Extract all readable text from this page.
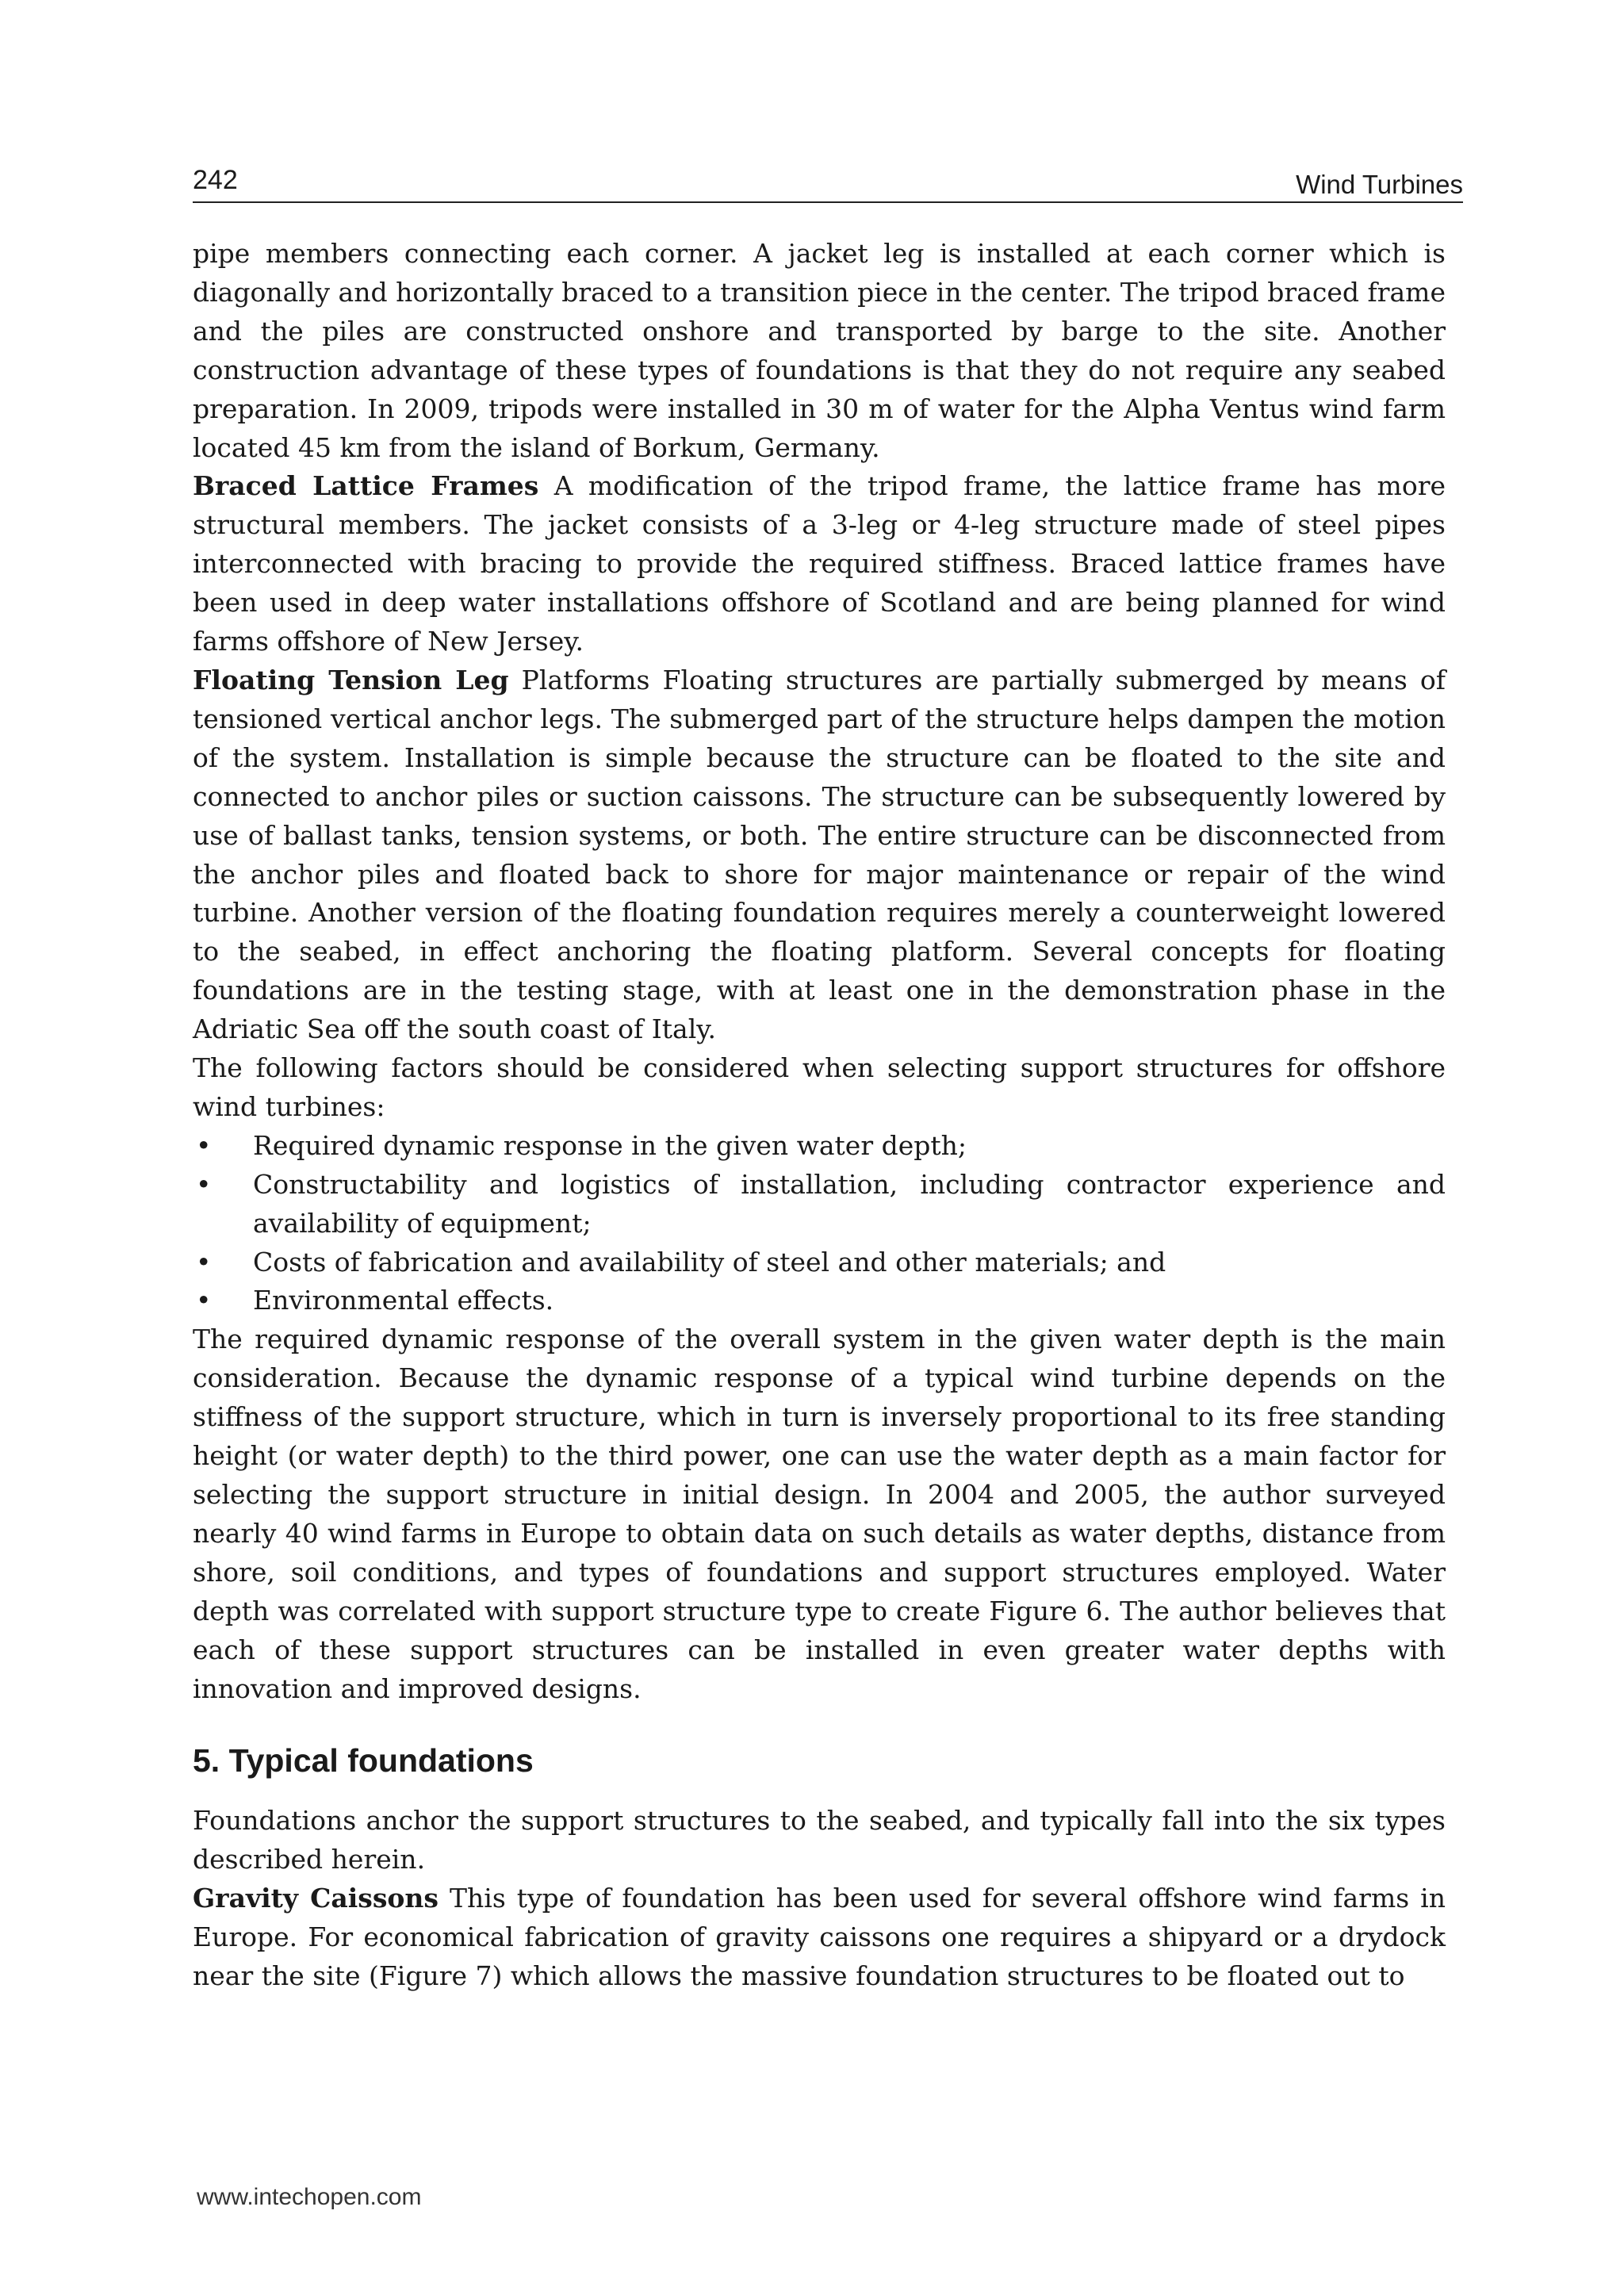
242	Wind Turbines

pipe members connecting each corner. A jacket leg is installed at each corner which is diagonally and horizontally braced to a transition piece in the center. The tripod braced frame and the piles are constructed onshore and transported by barge to the site. Another construction advantage of these types of foundations is that they do not require any seabed preparation. In 2009, tripods were installed in 30 m of water for the Alpha Ventus wind farm located 45 km from the island of Borkum, Germany.

Braced Lattice Frames A modification of the tripod frame, the lattice frame has more structural members. The jacket consists of a 3-leg or 4-leg structure made of steel pipes interconnected with bracing to provide the required stiffness. Braced lattice frames have been used in deep water installations offshore of Scotland and are being planned for wind farms offshore of New Jersey.

Floating Tension Leg Platforms Floating structures are partially submerged by means of tensioned vertical anchor legs. The submerged part of the structure helps dampen the motion of the system. Installation is simple because the structure can be floated to the site and connected to anchor piles or suction caissons. The structure can be subsequently lowered by use of ballast tanks, tension systems, or both. The entire structure can be disconnected from the anchor piles and floated back to shore for major maintenance or repair of the wind turbine. Another version of the floating foundation requires merely a counterweight lowered to the seabed, in effect anchoring the floating platform. Several concepts for floating foundations are in the testing stage, with at least one in the demonstration phase in the Adriatic Sea off the south coast of Italy.

The following factors should be considered when selecting support structures for offshore wind turbines:

• Required dynamic response in the given water depth;
• Constructability and logistics of installation, including contractor experience and availability of equipment;
• Costs of fabrication and availability of steel and other materials; and
• Environmental effects.

The required dynamic response of the overall system in the given water depth is the main consideration. Because the dynamic response of a typical wind turbine depends on the stiffness of the support structure, which in turn is inversely proportional to its free standing height (or water depth) to the third power, one can use the water depth as a main factor for selecting the support structure in initial design. In 2004 and 2005, the author surveyed nearly 40 wind farms in Europe to obtain data on such details as water depths, distance from shore, soil conditions, and types of foundations and support structures employed. Water depth was correlated with support structure type to create Figure 6. The author believes that each of these support structures can be installed in even greater water depths with innovation and improved designs.

5. Typical foundations

Foundations anchor the support structures to the seabed, and typically fall into the six types described herein.

Gravity Caissons This type of foundation has been used for several offshore wind farms in Europe. For economical fabrication of gravity caissons one requires a shipyard or a drydock near the site (Figure 7) which allows the massive foundation structures to be floated out to

www.intechopen.com
